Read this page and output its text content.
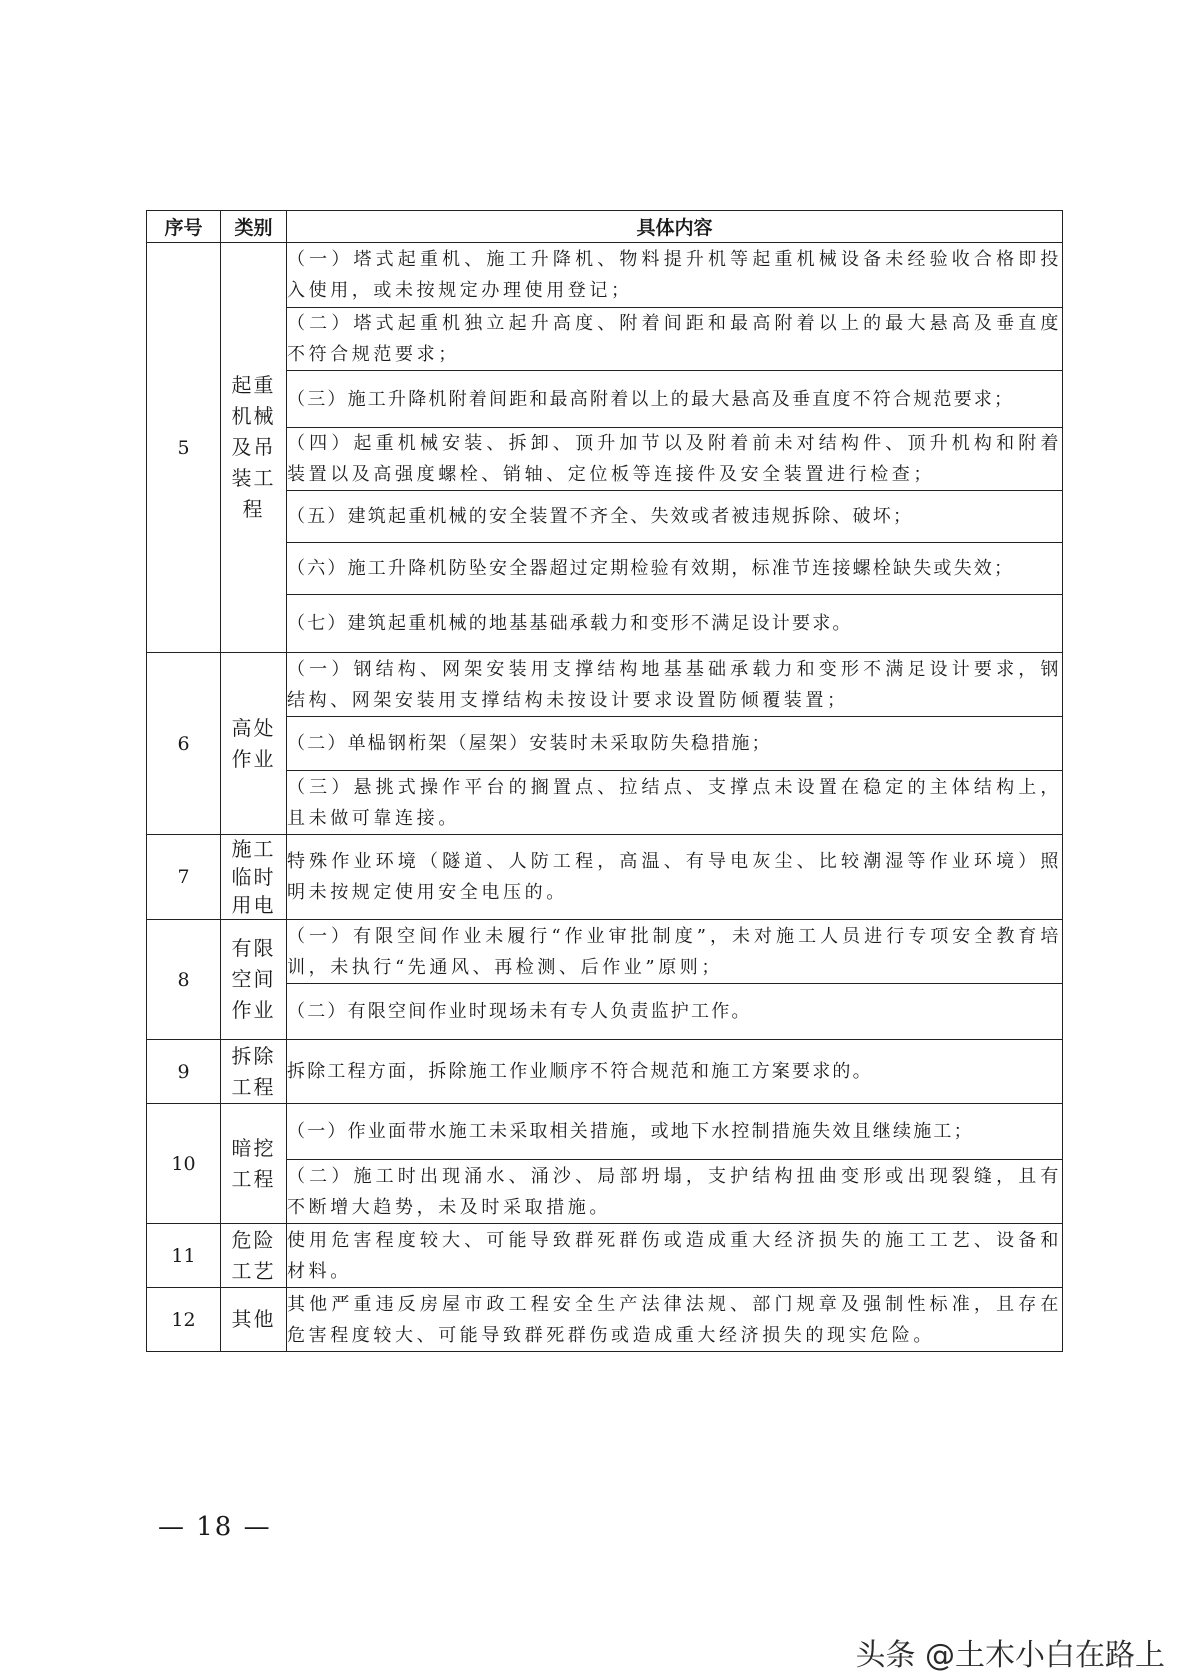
序号	类别	具体内容
5	起重机械及吊装工程	（一）塔式起重机、施工升降机、物料提升机等起重机械设备未经验收合格即投入使用，或未按规定办理使用登记；
		（二）塔式起重机独立起升高度、附着间距和最高附着以上的最大悬高及垂直度不符合规范要求；
		（三）施工升降机附着间距和最高附着以上的最大悬高及垂直度不符合规范要求；
		（四）起重机械安装、拆卸、顶升加节以及附着前未对结构件、顶升机构和附着装置以及高强度螺栓、销轴、定位板等连接件及安全装置进行检查；
		（五）建筑起重机械的安全装置不齐全、失效或者被违规拆除、破坏；
		（六）施工升降机防坠安全器超过定期检验有效期，标准节连接螺栓缺失或失效；
		（七）建筑起重机械的地基基础承载力和变形不满足设计要求。
6	高处作业	（一）钢结构、网架安装用支撑结构地基基础承载力和变形不满足设计要求，钢结构、网架安装用支撑结构未按设计要求设置防倾覆装置；
		（二）单榀钢桁架（屋架）安装时未采取防失稳措施；
		（三）悬挑式操作平台的搁置点、拉结点、支撑点未设置在稳定的主体结构上，且未做可靠连接。
7	施工临时用电	特殊作业环境（隧道、人防工程，高温、有导电灰尘、比较潮湿等作业环境）照明未按规定使用安全电压的。
8	有限空间作业	（一）有限空间作业未履行“作业审批制度”，未对施工人员进行专项安全教育培训，未执行“先通风、再检测、后作业”原则；
		（二）有限空间作业时现场未有专人负责监护工作。
9	拆除工程	拆除工程方面，拆除施工作业顺序不符合规范和施工方案要求的。
10	暗挖工程	（一）作业面带水施工未采取相关措施，或地下水控制措施失效且继续施工；
		（二）施工时出现涌水、涌沙、局部坍塌，支护结构扭曲变形或出现裂缝，且有不断增大趋势，未及时采取措施。
11	危险工艺	使用危害程度较大、可能导致群死群伤或造成重大经济损失的施工工艺、设备和材料。
12	其他	其他严重违反房屋市政工程安全生产法律法规、部门规章及强制性标准，且存在危害程度较大、可能导致群死群伤或造成重大经济损失的现实危险。
— 18 —
头条 @土木小白在路上
